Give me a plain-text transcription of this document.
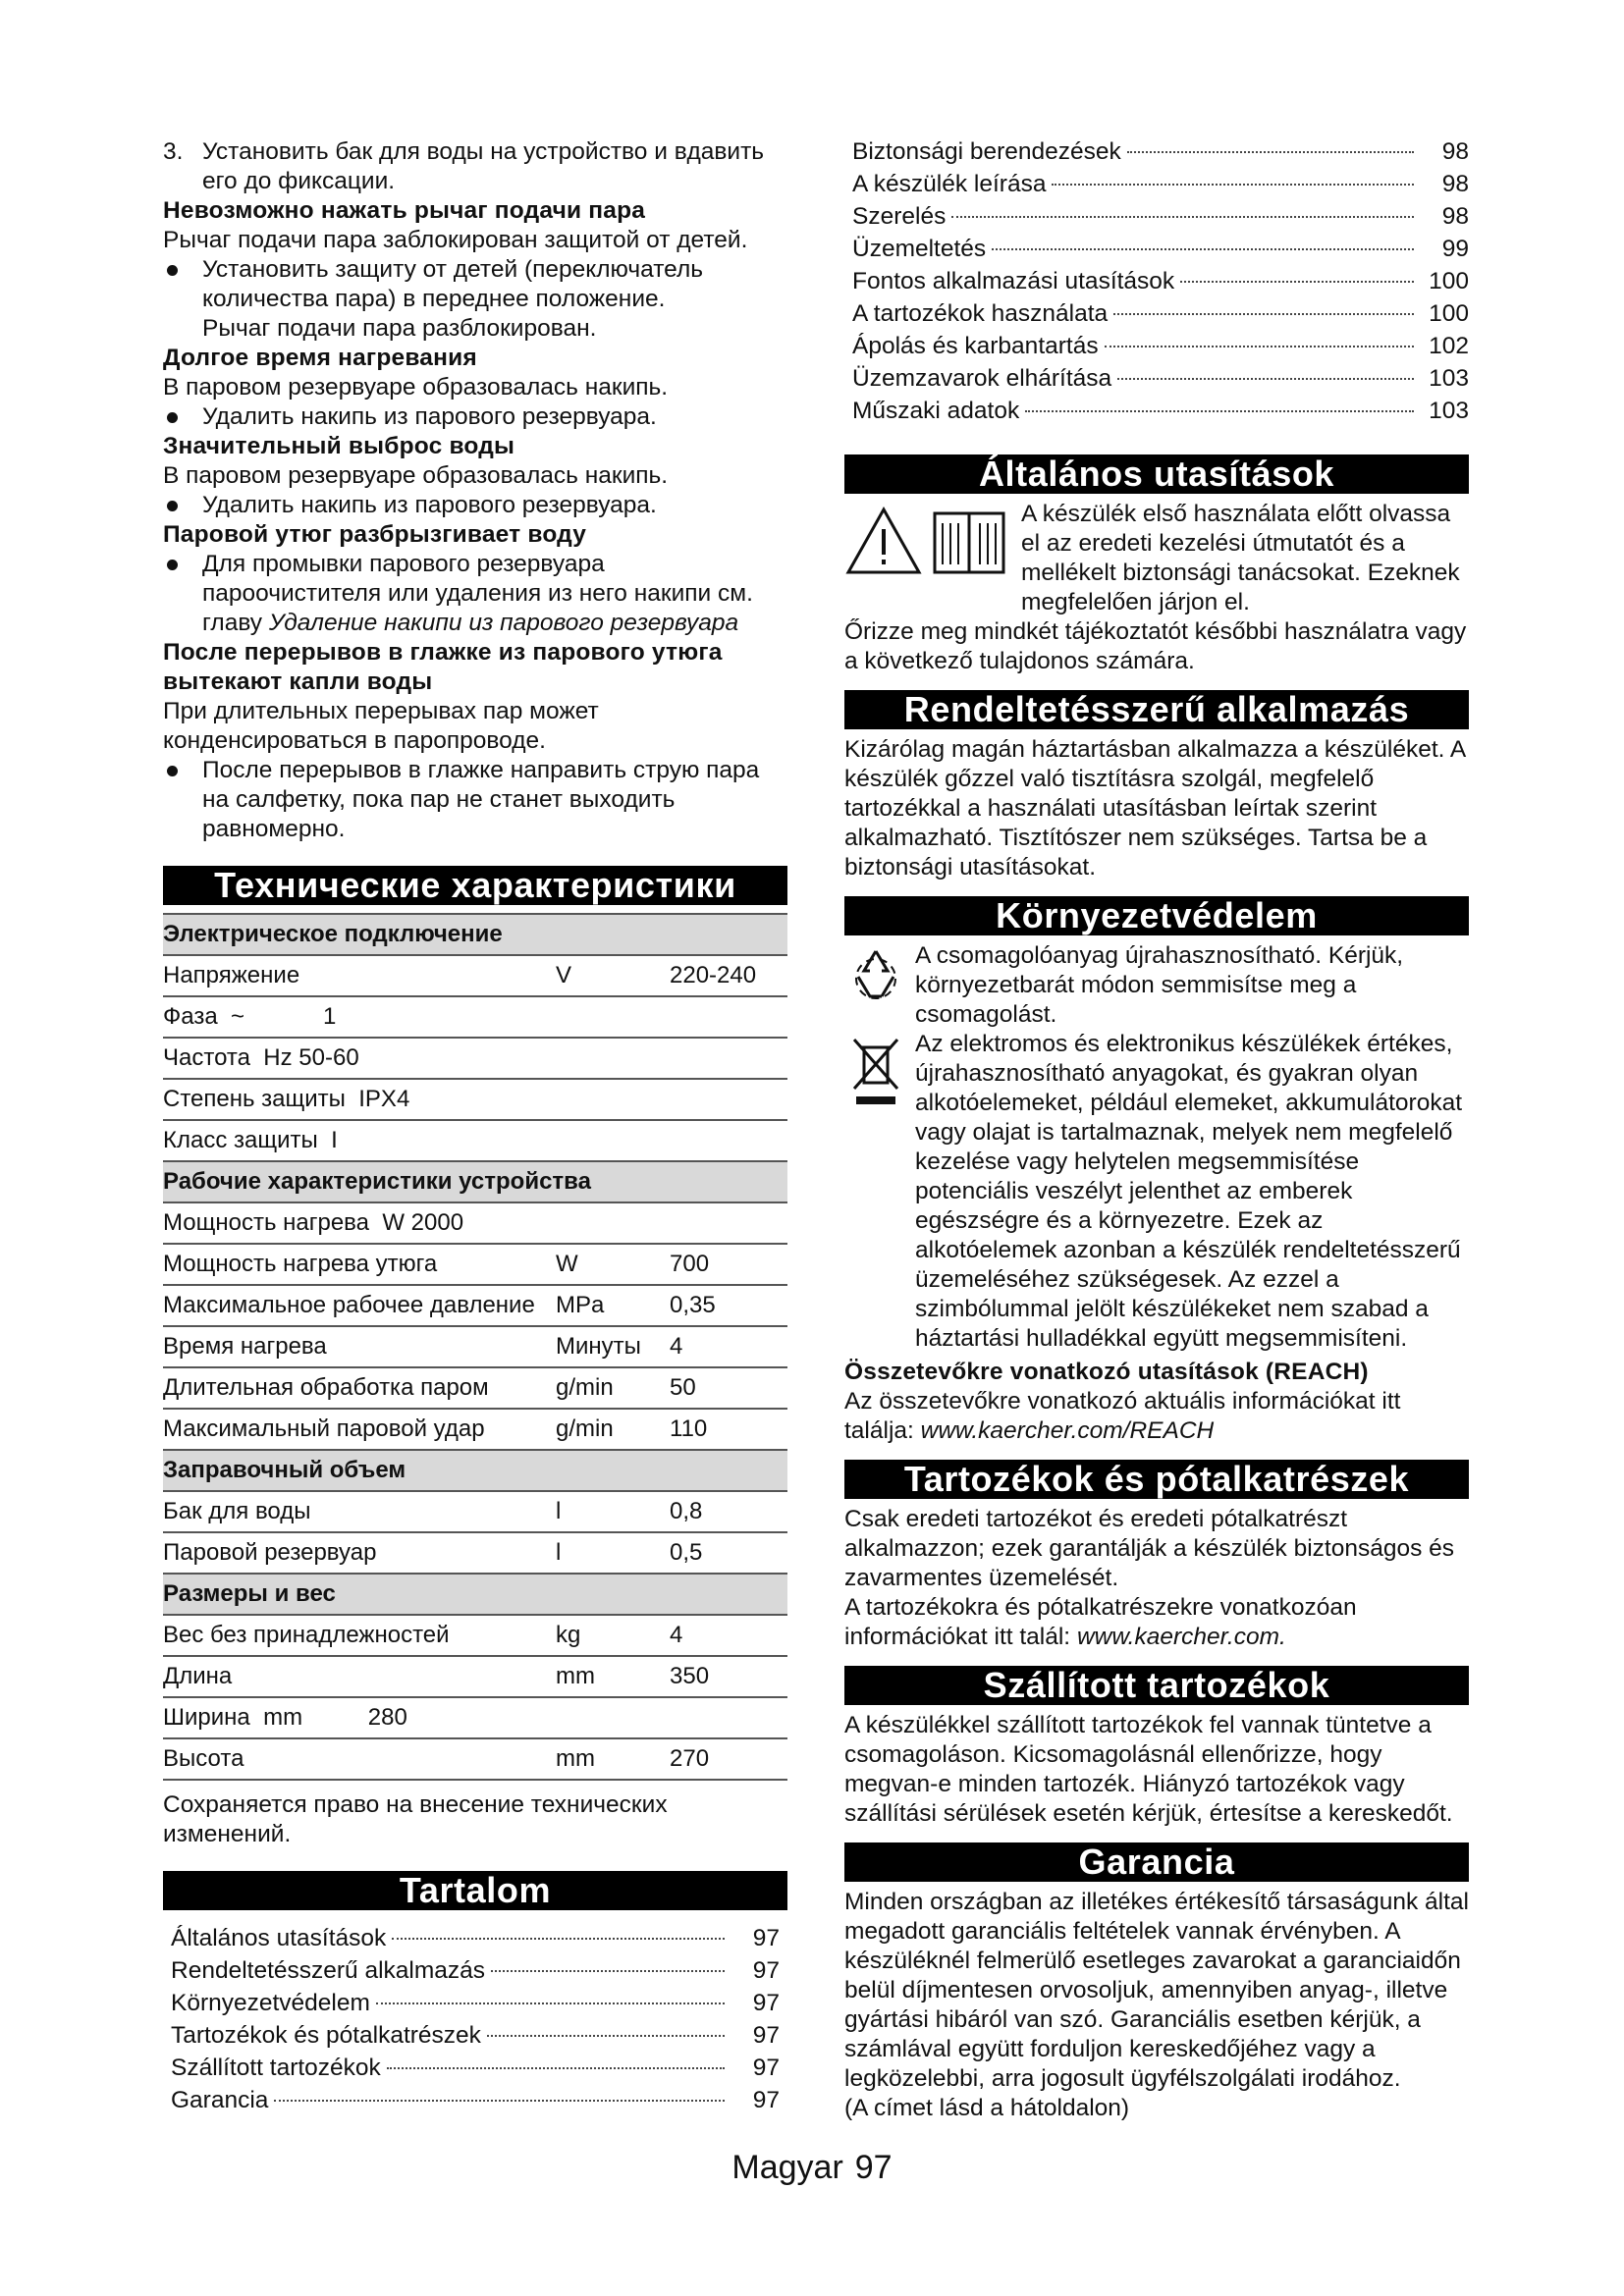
3. Установить бак для воды на устройство и вдавить его до фиксации.
Невозможно нажать рычаг подачи пара
Рычаг подачи пара заблокирован защитой от детей.
Установить защиту от детей (переключатель количества пара) в переднее положение.
Рычаг подачи пара разблокирован.
Долгое время нагревания
В паровом резервуаре образовалась накипь.
Удалить накипь из парового резервуара.
Значительный выброс воды
В паровом резервуаре образовалась накипь.
Удалить накипь из парового резервуара.
Паровой утюг разбрызгивает воду
Для промывки парового резервуара пароочистителя или удаления из него накипи см. главу Удаление накипи из парового резервуара
После перерывов в глажке из парового утюга вытекают капли воды
При длительных перерывах пар может конденсироваться в паропроводе.
После перерывов в глажке направить струю пара на салфетку, пока пар не станет выходить равномерно.
Технические характеристики
Электрическое подключение		
Напряжение	V	220-240
Фаза  ~            1		
Частота  Hz 50-60		
Степень защиты  IPX4		
Класс защиты  I		
Рабочие характеристики устройства		
Мощность нагрева  W 2000		
Мощность нагрева утюга	W	700
Максимальное рабочее давление	MPa	0,35
Время нагрева	Минуты	4
Длительная обработка паром	g/min	50
Максимальный паровой удар	g/min	110
Заправочный объем		
Бак для воды	l	0,8
Паровой резервуар	l	0,5
Размеры и вес		
Вес без принадлежностей	kg	4
Длина	mm	350
Ширина  mm          280		
Высота	mm	270
Сохраняется право на внесение технических изменений.
Tartalom
Általános utasítások	97
Rendeltetésszerű alkalmazás	97
Környezetvédelem	97
Tartozékok és pótalkatrészek	97
Szállított tartozékok	97
Garancia	97
Biztonsági berendezések	98
A készülék leírása	98
Szerelés	98
Üzemeltetés	99
Fontos alkalmazási utasítások	100
A tartozékok használata	100
Ápolás és karbantartás	102
Üzemzavarok elhárítása	103
Műszaki adatok	103
Általános utasítások
A készülék első használata előtt olvassa el az eredeti kezelési útmutatót és a mellékelt biztonsági tanácsokat. Ezeknek megfelelően járjon el.
Őrizze meg mindkét tájékoztatót későbbi használatra vagy a következő tulajdonos számára.
Rendeltetésszerű alkalmazás
Kizárólag magán háztartásban alkalmazza a készüléket. A készülék gőzzel való tisztításra szolgál, megfelelő tartozékkal a használati utasításban leírtak szerint alkalmazható. Tisztítószer nem szükséges. Tartsa be a biztonsági utasításokat.
Környezetvédelem
A csomagolóanyag újrahasznosítható. Kérjük, környezetbarát módon semmisítse meg a csomagolást.
Az elektromos és elektronikus készülékek értékes, újrahasznosítható anyagokat, és gyakran olyan alkotóelemeket, például elemeket, akkumulátorokat vagy olajat is tartalmaznak, melyek nem megfelelő kezelése vagy helytelen megsemmisítése potenciális veszélyt jelenthet az emberek egészségre és a környezetre. Ezek az alkotóelemek azonban a készülék rendeltetésszerű üzemeléséhez szükségesek. Az ezzel a szimbólummal jelölt készülékeket nem szabad a háztartási hulladékkal együtt megsemmisíteni.
Összetevőkre vonatkozó utasítások (REACH)
Az összetevőkre vonatkozó aktuális információkat itt találja: www.kaercher.com/REACH
Tartozékok és pótalkatrészek
Csak eredeti tartozékot és eredeti pótalkatrészt alkalmazzon; ezek garantálják a készülék biztonságos és zavarmentes üzemelését.
A tartozékokra és pótalkatrészekre vonatkozóan információkat itt talál: www.kaercher.com.
Szállított tartozékok
A készülékkel szállított tartozékok fel vannak tüntetve a csomagoláson. Kicsomagolásnál ellenőrizze, hogy megvan-e minden tartozék. Hiányzó tartozékok vagy szállítási sérülések esetén kérjük, értesítse a kereskedőt.
Garancia
Minden országban az illetékes értékesítő társaságunk által megadott garanciális feltételek vannak érvényben. A készüléknél felmerülő esetleges zavarokat a garanciaidőn belül díjmentesen orvosoljuk, amennyiben anyag-, illetve gyártási hibáról van szó. Garanciális esetben kérjük, a számlával együtt forduljon kereskedőjéhez vagy a legközelebbi, arra jogosult ügyfélszolgálati irodához.
(A címet lásd a hátoldalon)
Magyar 97
